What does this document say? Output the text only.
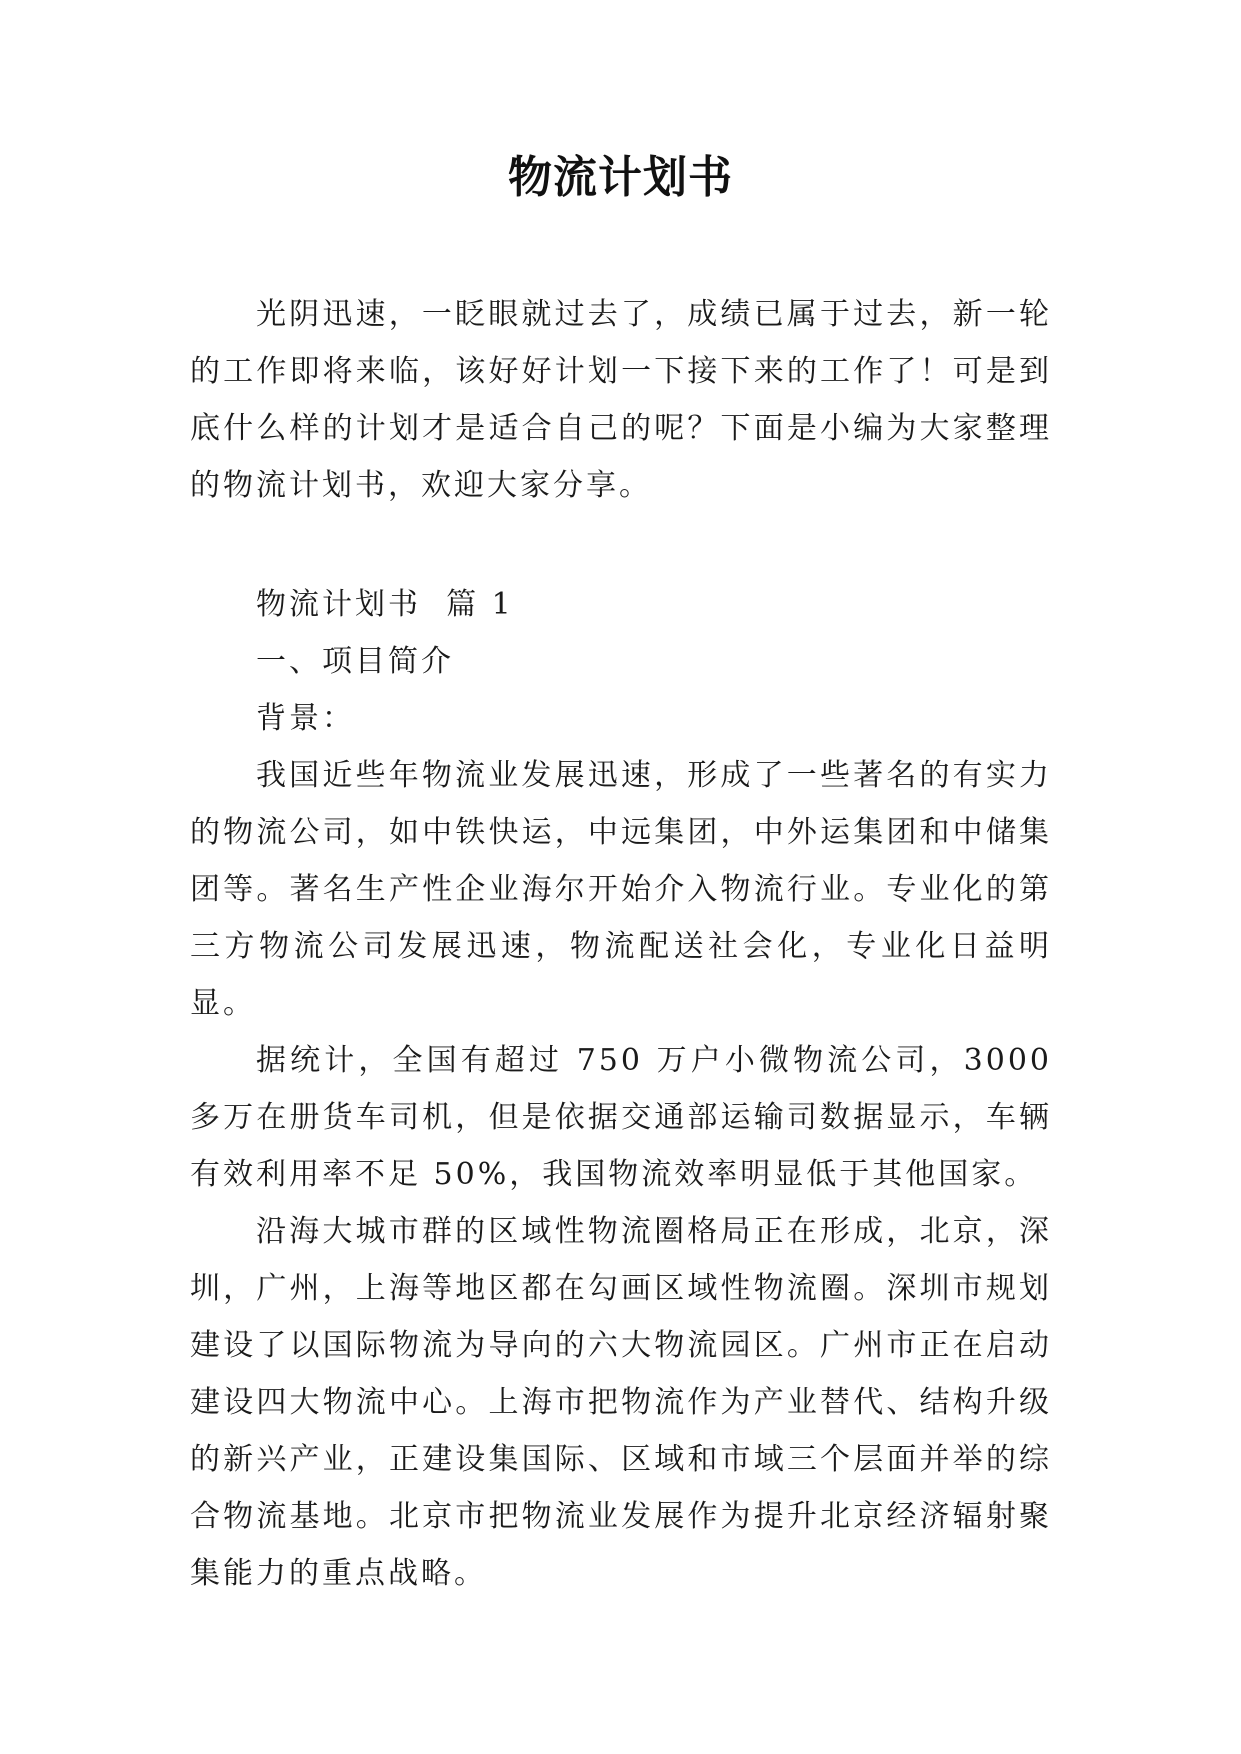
物流计划书

光阴迅速，一眨眼就过去了，成绩已属于过去，新一轮的工作即将来临，该好好计划一下接下来的工作了！可是到底什么样的计划才是适合自己的呢？下面是小编为大家整理的物流计划书，欢迎大家分享。

物流计划书  篇 1

一、项目简介

背景：

我国近些年物流业发展迅速，形成了一些著名的有实力的物流公司，如中铁快运，中远集团，中外运集团和中储集团等。著名生产性企业海尔开始介入物流行业。专业化的第三方物流公司发展迅速，物流配送社会化，专业化日益明显。

据统计，全国有超过 750 万户小微物流公司，3000 多万在册货车司机，但是依据交通部运输司数据显示，车辆有效利用率不足 50%，我国物流效率明显低于其他国家。

沿海大城市群的区域性物流圈格局正在形成，北京，深圳，广州，上海等地区都在勾画区域性物流圈。深圳市规划建设了以国际物流为导向的六大物流园区。广州市正在启动建设四大物流中心。上海市把物流作为产业替代、结构升级的新兴产业，正建设集国际、区域和市域三个层面并举的综合物流基地。北京市把物流业发展作为提升北京经济辐射聚集能力的重点战略。
